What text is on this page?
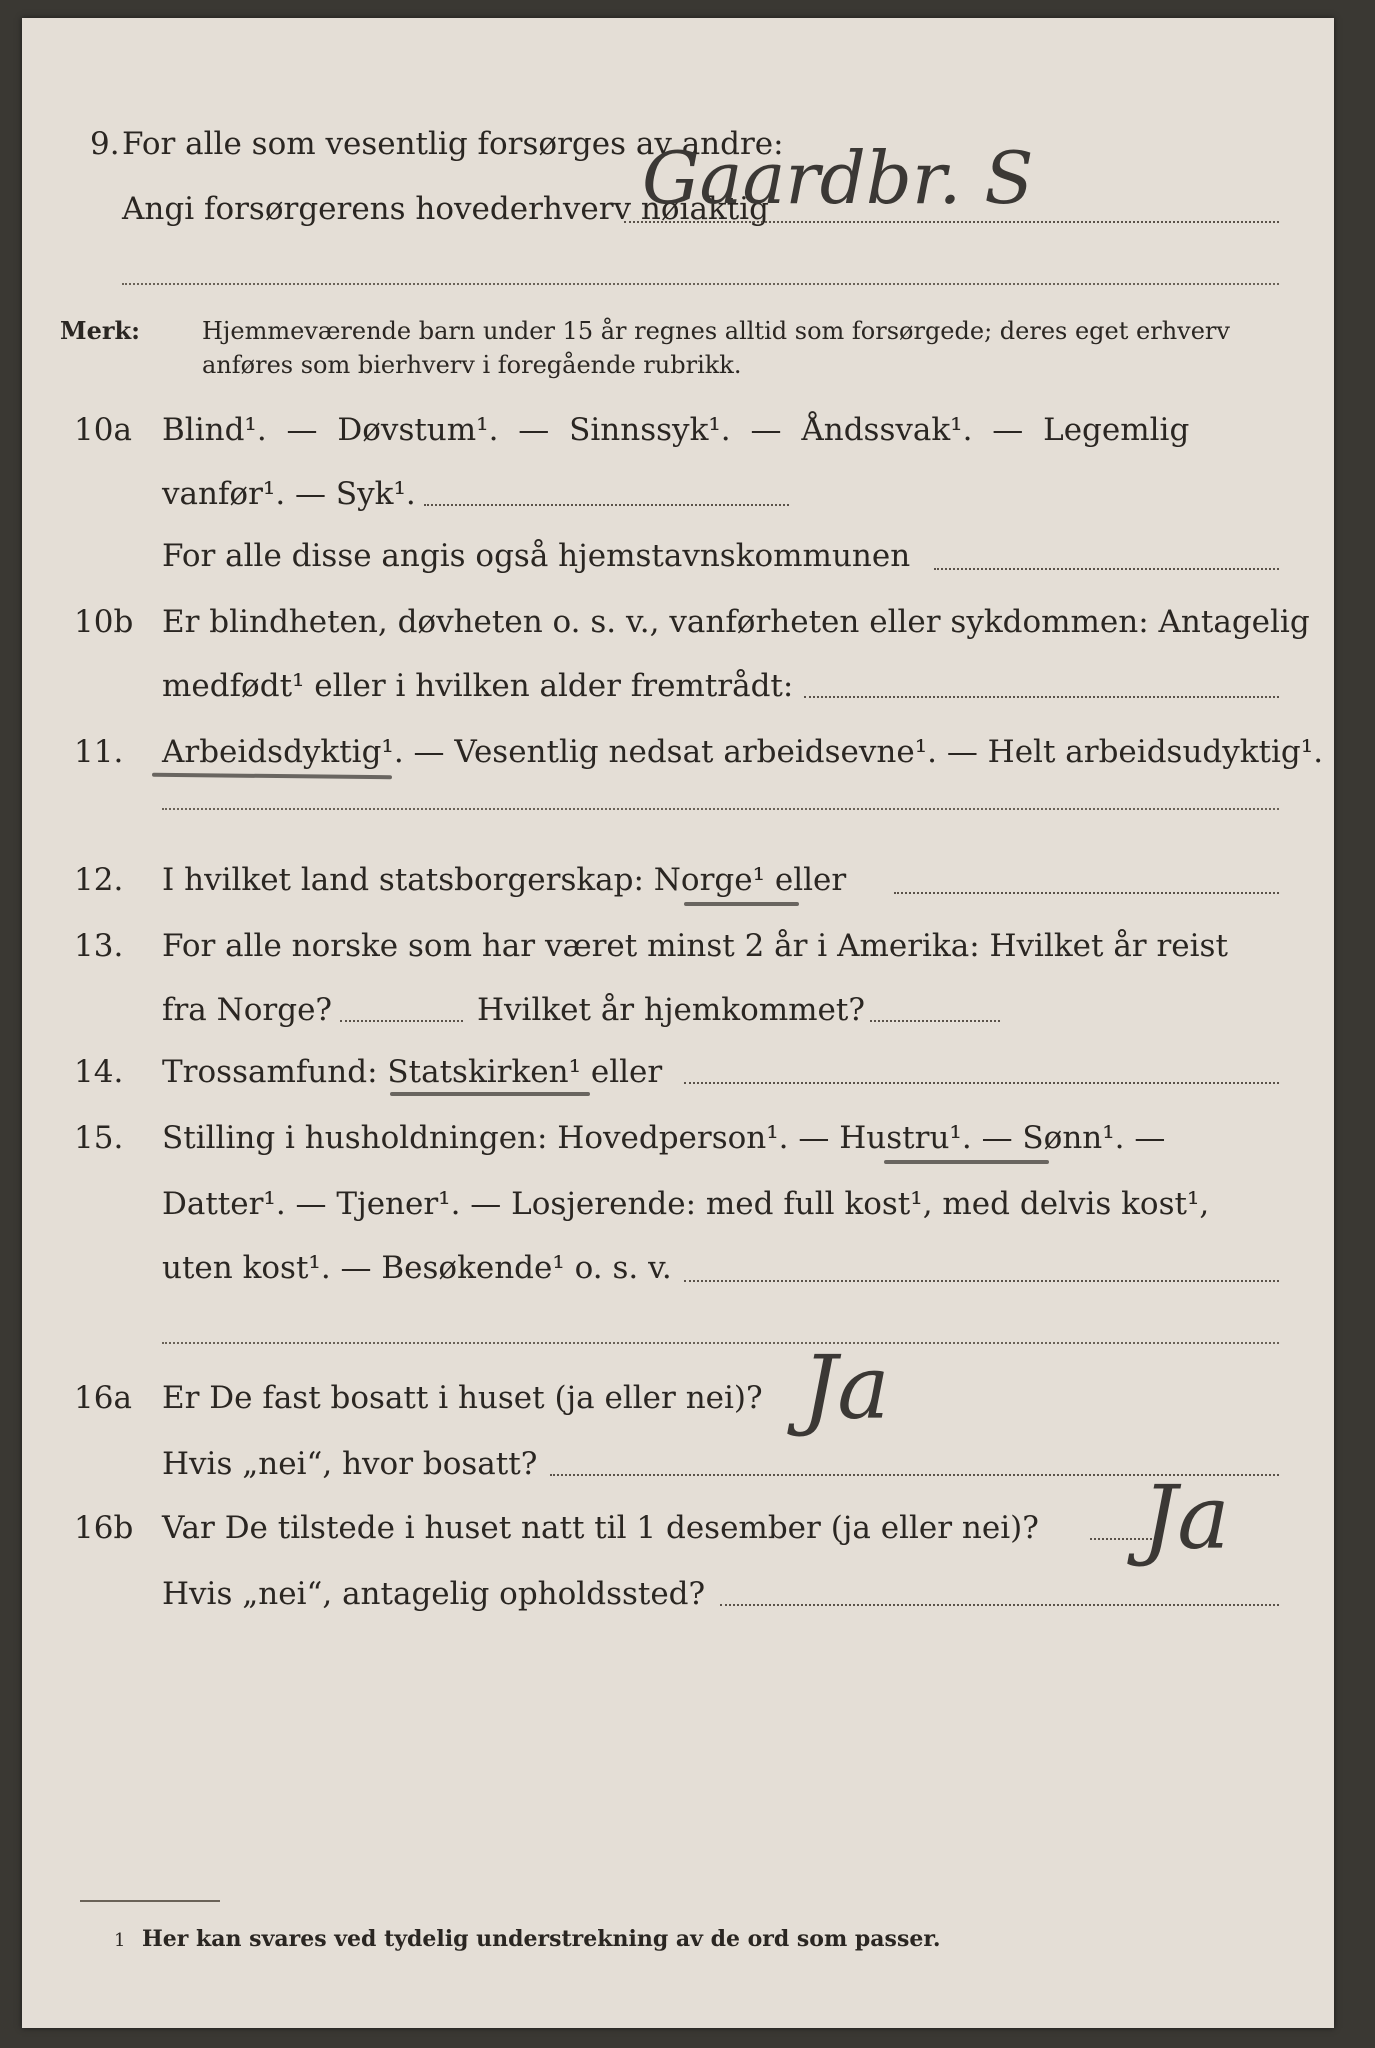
9. For alle som vesentlig forsørges av andre:
Angi forsørgerens hovederhverv nøiaktig
Gaardbr. S
Merk:	Hjemmeværende barn under 15 år regnes alltid som forsørgede; deres eget erhverv
anføres som bierhverv i foregående rubrikk.
10a Blind¹. — Døvstum¹. — Sinnssyk¹. — Åndssvak¹. — Legemlig
vanfør¹. — Syk¹.
For alle disse angis også hjemstavnskommunen
10b Er blindheten, døvheten o. s. v., vanførheten eller sykdommen: Antagelig
medfødt¹ eller i hvilken alder fremtrådt:
11. Arbeidsdyktig¹. — Vesentlig nedsat arbeidsevne¹. — Helt arbeidsudyktig¹.
12. I hvilket land statsborgerskap: Norge¹ eller
13. For alle norske som har været minst 2 år i Amerika: Hvilket år reist
fra Norge?	Hvilket år hjemkommet?
14. Trossamfund: Statskirken¹ eller
15. Stilling i husholdningen: Hovedperson¹. — Hustru¹. — Sønn¹. —
Datter¹. — Tjener¹. — Losjerende: med full kost¹, med delvis kost¹,
uten kost¹. — Besøkende¹ o. s. v.
16a Er De fast bosatt i huset (ja eller nei)? Ja
Hvis „nei“, hvor bosatt?
16b Var De tilstede i huset natt til 1 desember (ja eller nei)? Ja
Hvis „nei“, antagelig opholdssted?
1 Her kan svares ved tydelig understrekning av de ord som passer.
